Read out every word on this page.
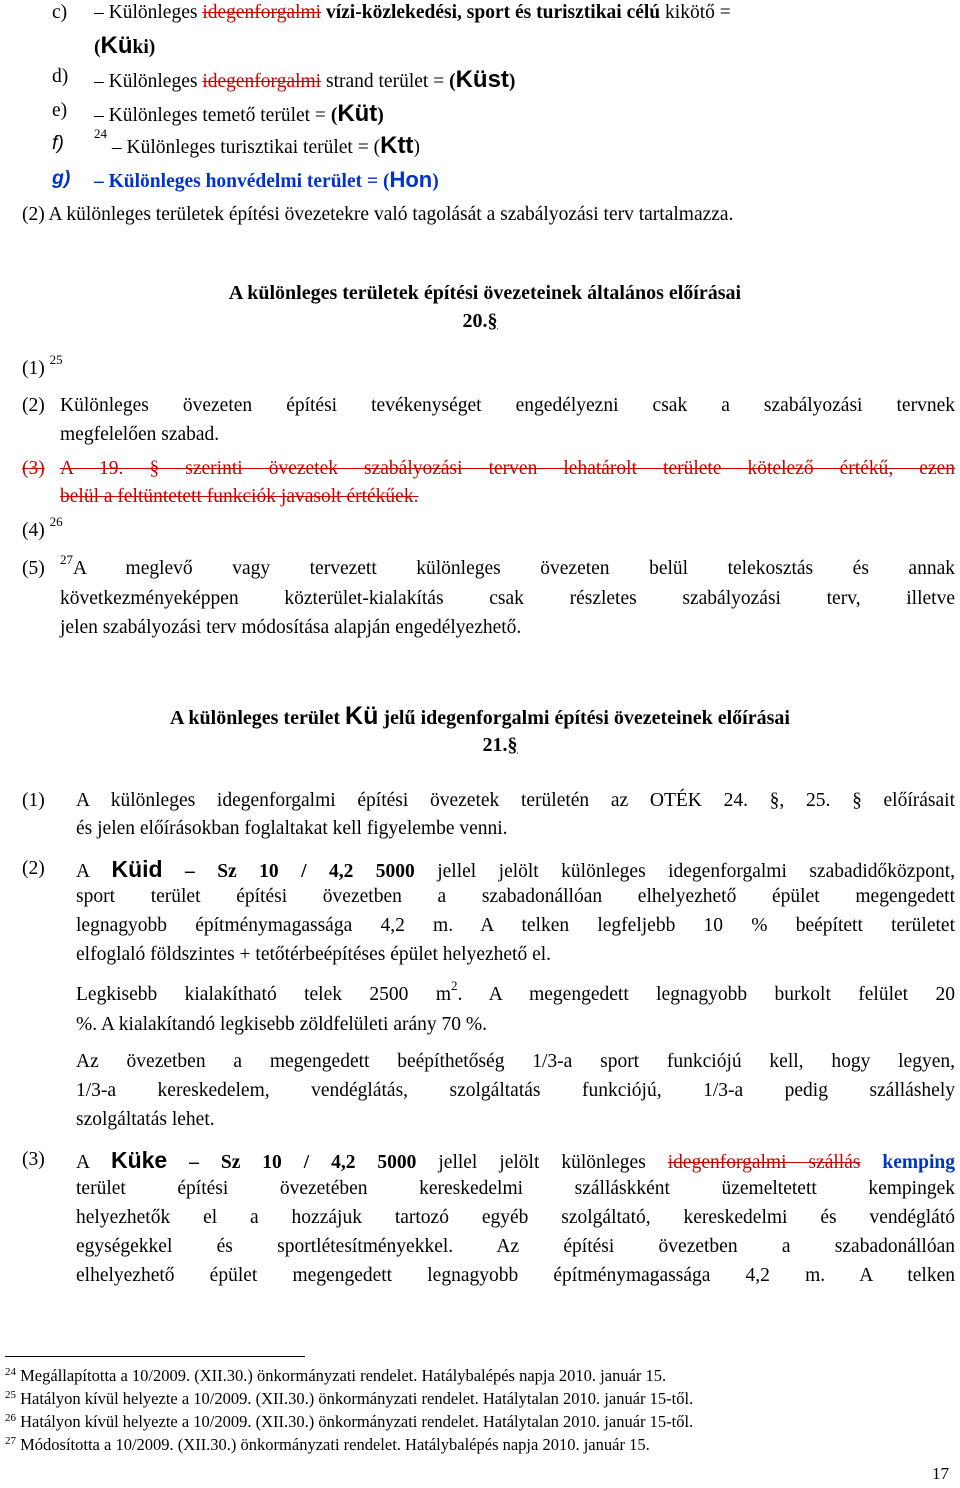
c) – Különleges idegenforgalmi vízi-közlekedési, sport és turisztikai célú kikötő =
(Küki)
d) – Különleges idegenforgalmi strand terület = (Küst)
e) – Különleges temető terület = (Küt)
f) $^{24}$ – Különleges turisztikai terület = (Ktt)
g) – Különleges honvédelmi terület = (Hon)
(2) A különleges területek építési övezetekre való tagolását a szabályozási terv tartalmazza.
A különleges területek építési övezeteinek általános előírásai
20.§
(1) $^{25}$
(2) Különleges övezeten építési tevékenységet engedélyezni csak a szabályozási tervnek
megfelelően szabad.
(3) A 19. § szerinti övezetek szabályozási terven lehatárolt területe kötelező értékű, ezen
belül a feltüntetett funkciók javasolt értékűek.
(4) $^{26}$
(5) $^{27}$A meglevő vagy tervezett különleges övezeten belül telekosztás és annak
következményeképpen közterület-kialakítás csak részletes szabályozási terv, illetve
jelen szabályozási terv módosítása alapján engedélyezhető.
A különleges terület Kü jelű idegenforgalmi építési övezeteinek előírásai
21.§
(1) A különleges idegenforgalmi építési övezetek területén az OTÉK 24. §, 25. § előírásait
és jelen előírásokban foglaltakat kell figyelembe venni.
(2) A Küid – Sz 10 / 4,2 5000 jellel jelölt különleges idegenforgalmi szabadidőközpont,
sport terület építési övezetben a szabadonállóan elhelyezhető épület megengedett
legnagyobb építménymagassága 4,2 m. A telken legfeljebb 10 % beépített területet
elfoglaló földszintes + tetőtérbeépítéses épület helyezhető el.
Legkisebb kialakítható telek 2500 $m^2$. A megengedett legnagyobb burkolt felület 20
%. A kialakítandó legkisebb zöldfelületi arány 70 %.
Az övezetben a megengedett beépíthetőség 1/3-a sport funkciójú kell, hogy legyen,
1/3-a kereskedelem, vendéglátás, szolgáltatás funkciójú, 1/3-a pedig szálláshely
szolgáltatás lehet.
(3) A Küke – Sz 10 / 4,2 5000 jellel jelölt különleges idegenforgalmi szállás kemping
terület építési övezetében kereskedelmi szálláskként üzemeltetett kempingek
helyezhetők el a hozzájuk tartozó egyéb szolgáltató, kereskedelmi és vendéglátó
egységekkel és sportlétesítményekkel. Az építési övezetben a szabadonállóan
elhelyezhető épület megengedett legnagyobb építménymagassága 4,2 m. A telken
$^{24}$ Megállapította a 10/2009. (XII.30.) önkormányzati rendelet. Hatálybalépés napja 2010. január 15.
$^{25}$ Hatályon kívül helyezte a 10/2009. (XII.30.) önkormányzati rendelet. Hatálytalan 2010. január 15-től.
$^{26}$ Hatályon kívül helyezte a 10/2009. (XII.30.) önkormányzati rendelet. Hatálytalan 2010. január 15-től.
$^{27}$ Módosította a 10/2009. (XII.30.) önkormányzati rendelet. Hatálybalépés napja 2010. január 15.
17
